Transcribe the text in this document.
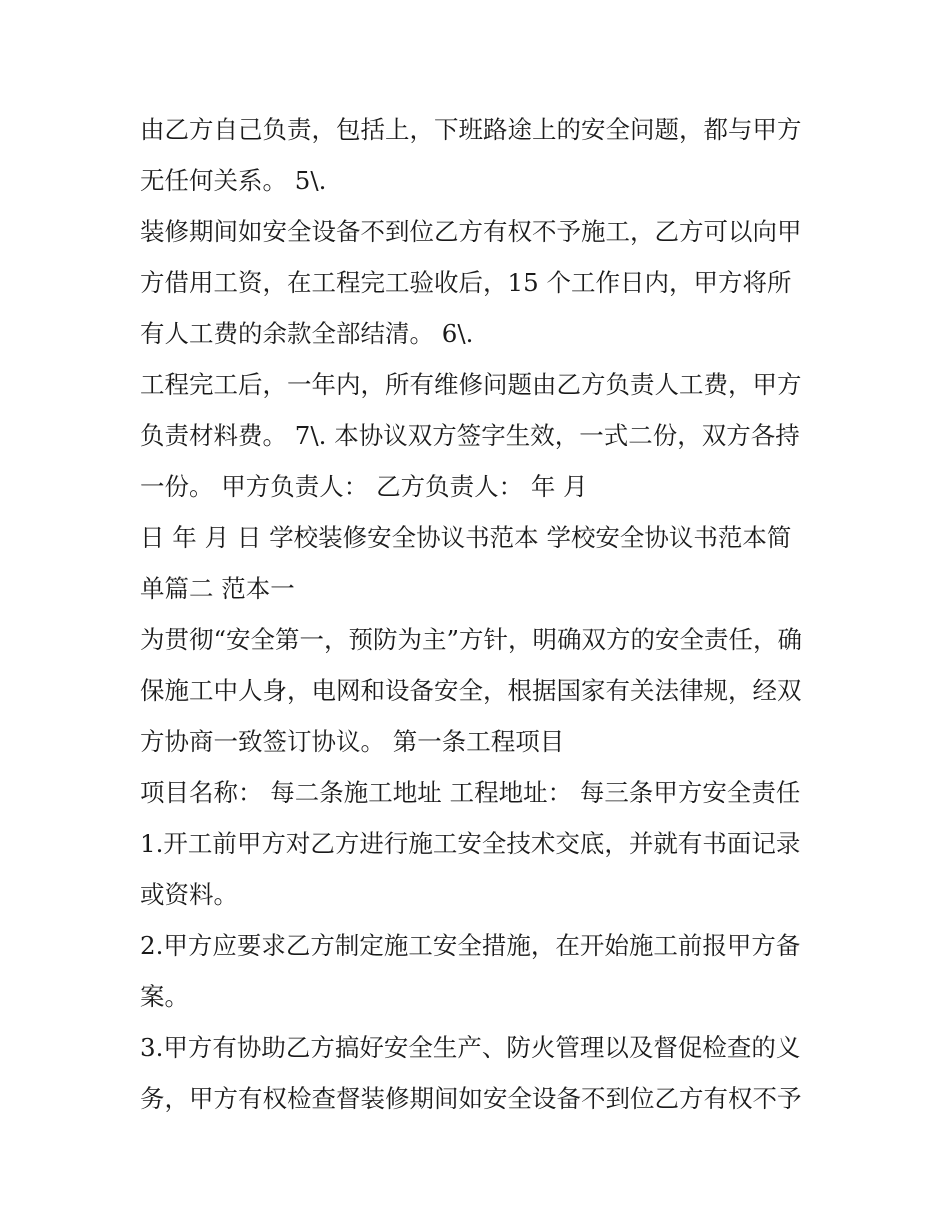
由乙方自己负责，包括上，下班路途上的安全问题，都与甲方
无任何关系。 5\.
装修期间如安全设备不到位乙方有权不予施工，乙方可以向甲
方借用工资，在工程完工验收后，15 个工作日内，甲方将所
有人工费的余款全部结清。 6\.
工程完工后，一年内，所有维修问题由乙方负责人工费，甲方
负责材料费。 7\. 本协议双方签字生效，一式二份，双方各持
一份。 甲方负责人： 乙方负责人： 年 月
日 年 月 日 学校装修安全协议书范本 学校安全协议书范本简
单篇二 范本一
为贯彻“安全第一，预防为主”方针，明确双方的安全责任，确
保施工中人身，电网和设备安全，根据国家有关法律规，经双
方协商一致签订协议。 第一条工程项目
项目名称： 每二条施工地址 工程地址： 每三条甲方安全责任
1.开工前甲方对乙方进行施工安全技术交底，并就有书面记录
或资料。
2.甲方应要求乙方制定施工安全措施，在开始施工前报甲方备
案。
3.甲方有协助乙方搞好安全生产、防火管理以及督促检查的义
务，甲方有权检查督装修期间如安全设备不到位乙方有权不予
